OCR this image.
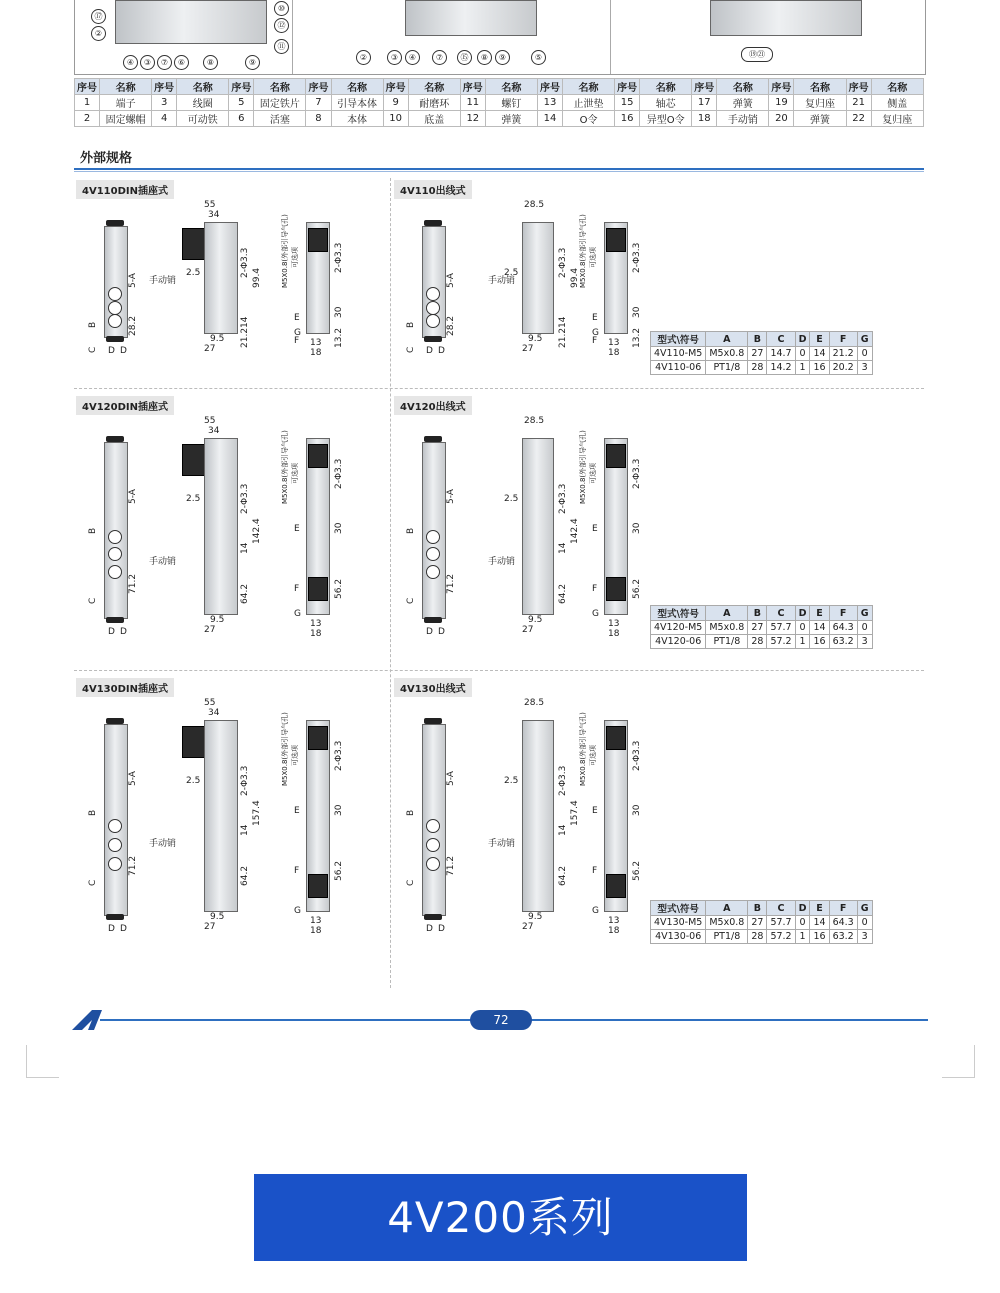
⑰
②
④	③	⑦	⑥	⑧	⑨
⑩
⑫
⑪
②	③	④	⑦	⑮	⑧	⑨	⑤	⑲㉑
序号	名称	序号	名称	序号	名称	序号	名称	序号	名称	序号	名称	序号	名称	序号	名称	序号	名称	序号	名称	序号	名称
1	端子	3	线圈	5	固定铁片	7	引导本体	9	耐磨环	11	螺钉	13	止泄垫	15	轴芯	17	弹簧	19	复归座	21	侧盖
2	固定螺帽	4	可动铁	6	活塞	8	本体	10	底盖	12	弹簧	14	O令	16	异型O令	18	手动销	20	弹簧	22	复归座
外部规格
4V110DIN插座式
5-A
B
C
28.2
D D
55
34
2.5
手动销
2-Φ3.3 99.4
14
21.2
9.5
27
M5X0.8(外部引导气孔) 可选项	2-Φ3.3
30
13.2
E
F
G
13
18
4V110出线式
5-A
B
C
28.2
D D
28.5
2.5
手动销
2-Φ3.3 99.4
14
21.2
9.5
27
M5X0.8(外部引导气孔) 可选项	2-Φ3.3
30
13.2
E
F
G
13
18
4V120DIN插座式
5-A
B
C
71.2
D D
55
34
2.5
手动销
2-Φ3.3
142.4
14
64.2
9.5
27
M5X0.8(外部引导气孔) 可选项	2-Φ3.3
30
56.2
E
F
G
13
18
4V120出线式
5-A
B
C
71.2
D D
28.5
2.5
手动销
2-Φ3.3
142.4
14
64.2
9.5
27
M5X0.8(外部引导气孔) 可选项	2-Φ3.3
30
56.2
E
F
G
13
18
4V130DIN插座式
5-A
B
C
71.2
D D
55
34
2.5
手动销
2-Φ3.3
157.4
14
64.2
9.5
27
M5X0.8(外部引导气孔) 可选项	2-Φ3.3
30
56.2
E
F
G
13
18
4V130出线式
5-A
B
C
71.2
D D
28.5
2.5
手动销
2-Φ3.3
157.4
14
64.2
9.5
27
M5X0.8(外部引导气孔) 可选项	2-Φ3.3
30
56.2
E
F
G
13
18
型式\符号	A	B	C	D	E	F	G
4V110-M5	M5x0.8	27	14.7	0	14	21.2	0
4V110-06	PT1/8	28	14.2	1	16	20.2	3
型式\符号	A	B	C	D	E	F	G
4V120-M5	M5x0.8	27	57.7	0	14	64.3	0
4V120-06	PT1/8	28	57.2	1	16	63.2	3
型式\符号	A	B	C	D	E	F	G
4V130-M5	M5x0.8	27	57.7	0	14	64.3	0
4V130-06	PT1/8	28	57.2	1	16	63.2	3
72
4V200系列
